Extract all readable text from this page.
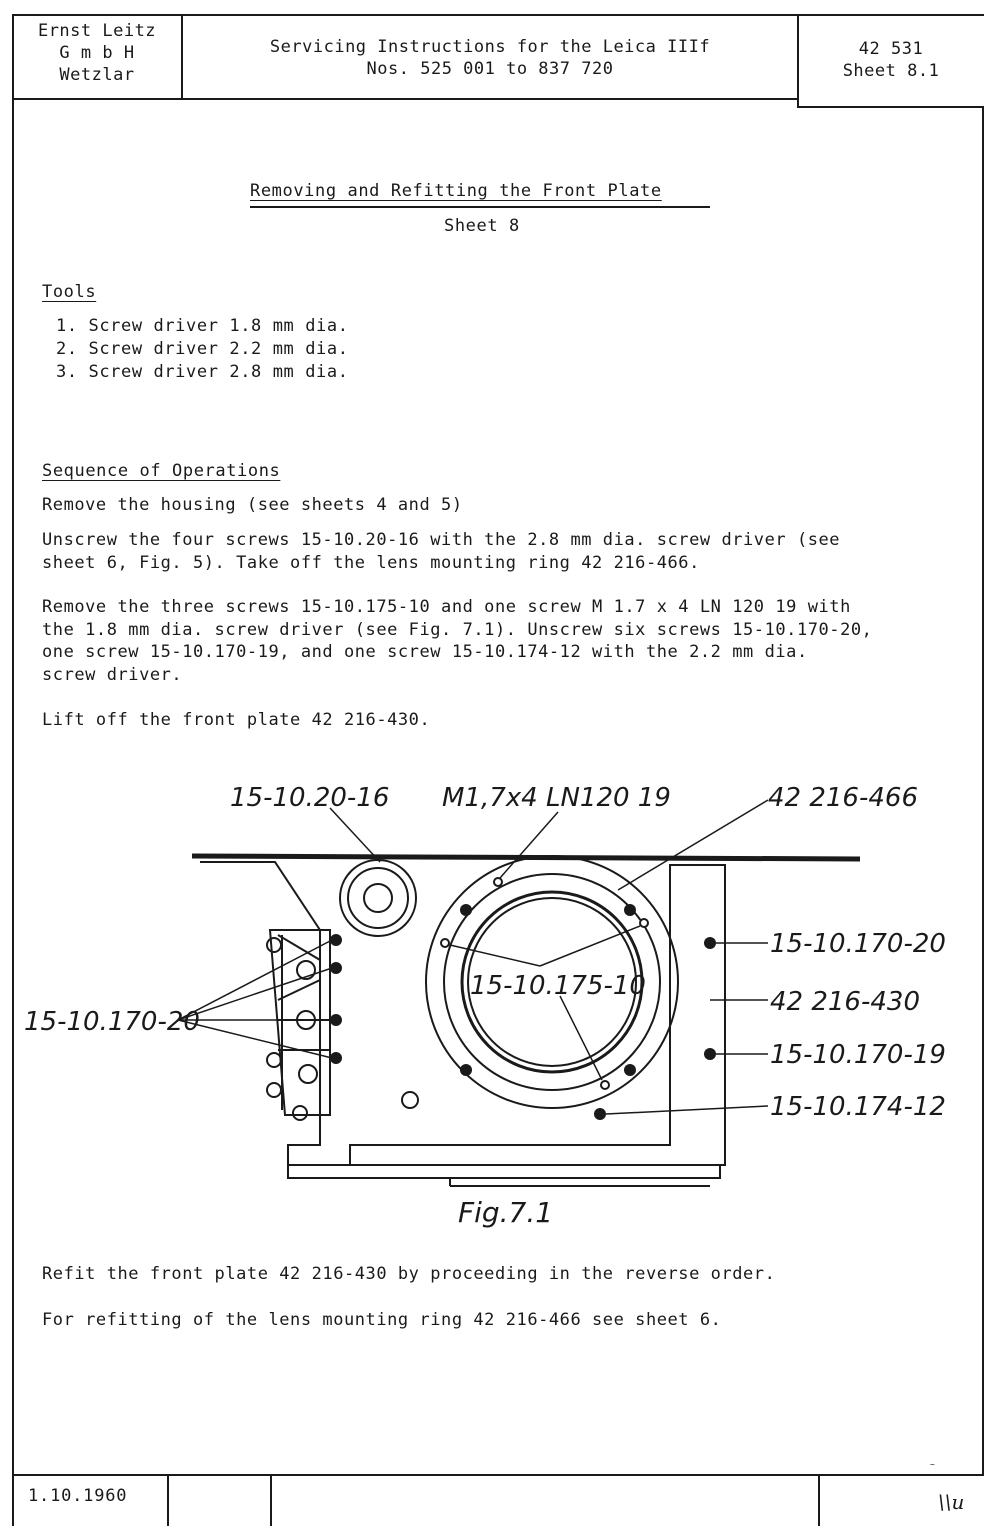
Ernst Leitz
G m b H
Wetzlar
Servicing Instructions for the Leica IIIf
Nos. 525 001 to 837 720
42 531
Sheet 8.1
Removing and Refitting the Front Plate
Sheet 8
Tools
1. Screw driver 1.8 mm dia.
2. Screw driver 2.2 mm dia.
3. Screw driver 2.8 mm dia.
Sequence of Operations
Remove the housing (see sheets 4 and 5)
Unscrew the four screws 15-10.20-16 with the 2.8 mm dia. screw driver (see
sheet 6, Fig. 5). Take off the lens mounting ring 42 216-466.
Remove the three screws 15-10.175-10 and one screw M 1.7 x 4 LN 120 19 with
the 1.8 mm dia. screw driver (see Fig. 7.1). Unscrew six screws 15-10.170-20,
one screw 15-10.170-19, and one screw 15-10.174-12 with the 2.2 mm dia.
screw driver.
Lift off the front plate 42 216-430.
15-10.20-16 M1,7x4 LN120 19	42 216-466
15-10.170-20
15-10.175-10
15-10.170-20
42 216-430
15-10.170-19
15-10.174-12
Fig.7.1
Refit the front plate 42 216-430 by proceeding in the reverse order.
For refitting of the lens mounting ring 42 216-466 see sheet 6.
~
1.10.1960	\\u
